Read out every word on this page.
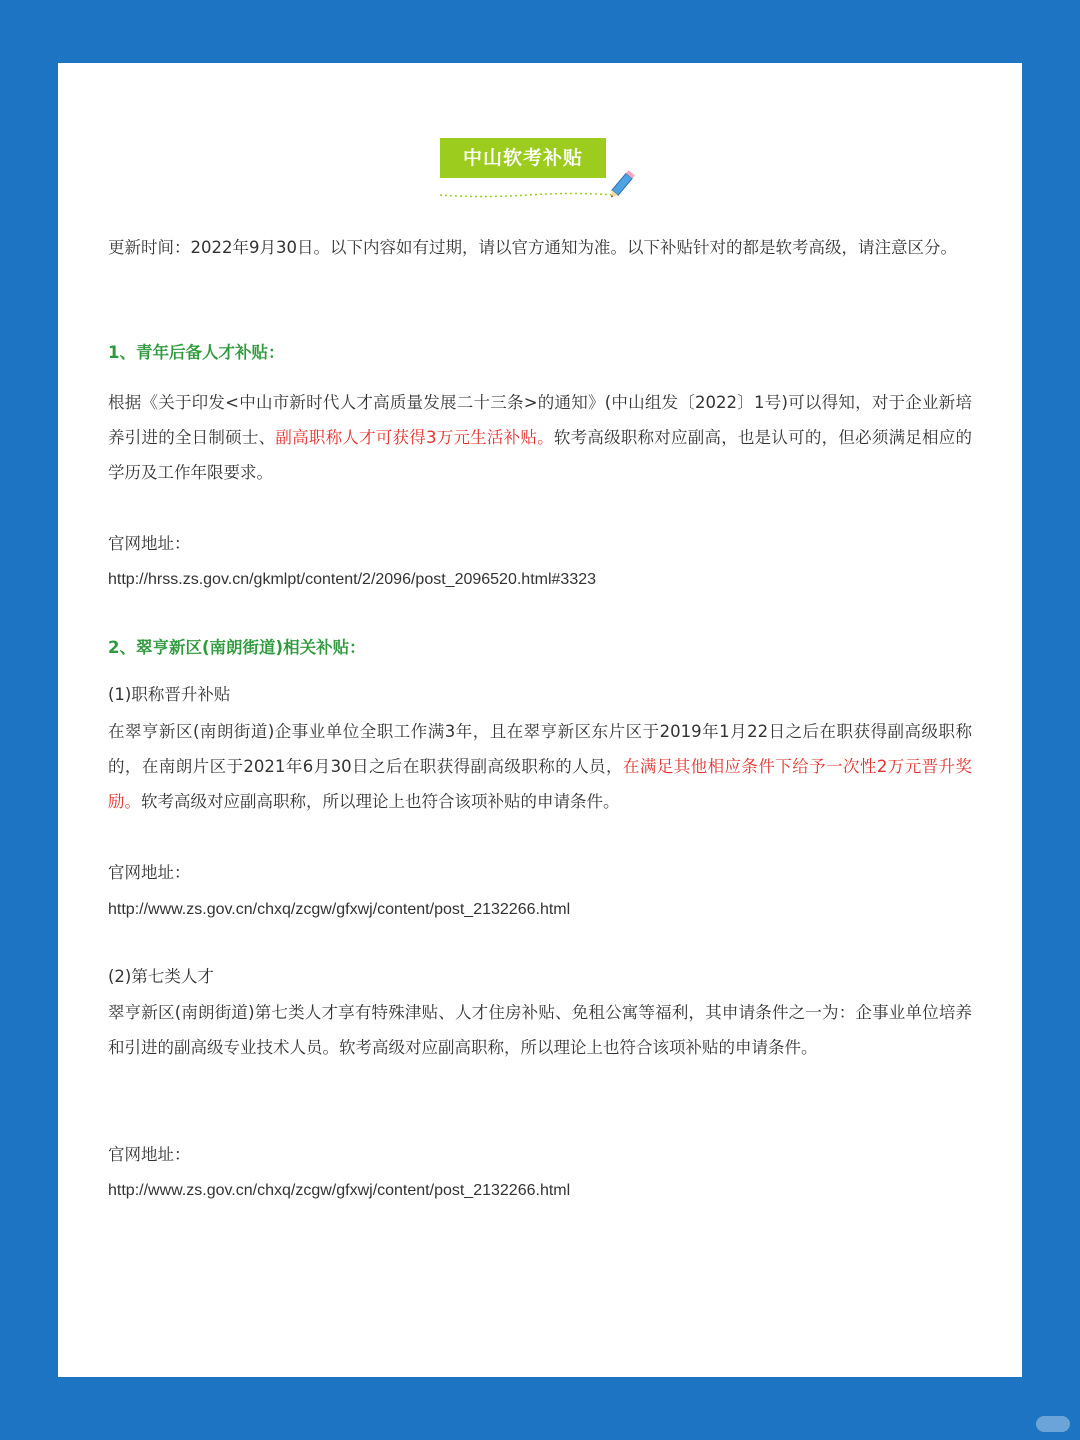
中山软考补贴

更新时间：2022年9月30日。以下内容如有过期，请以官方通知为准。以下补贴针对的都是软考高级，请注意区分。

1、青年后备人才补贴：

根据《关于印发<中山市新时代人才高质量发展二十三条>的通知》(中山组发〔2022〕1号)可以得知，对于企业新培养引进的全日制硕士、副高职称人才可获得3万元生活补贴。软考高级职称对应副高，也是认可的，但必须满足相应的学历及工作年限要求。

官网地址：

http://hrss.zs.gov.cn/gkmlpt/content/2/2096/post_2096520.html#3323

2、翠亨新区(南朗街道)相关补贴：

(1)职称晋升补贴

在翠亨新区(南朗街道)企事业单位全职工作满3年，且在翠亨新区东片区于2019年1月22日之后在职获得副高级职称的，在南朗片区于2021年6月30日之后在职获得副高级职称的人员，在满足其他相应条件下给予一次性2万元晋升奖励。软考高级对应副高职称，所以理论上也符合该项补贴的申请条件。

官网地址：

http://www.zs.gov.cn/chxq/zcgw/gfxwj/content/post_2132266.html

(2)第七类人才

翠亨新区(南朗街道)第七类人才享有特殊津贴、人才住房补贴、免租公寓等福利，其申请条件之一为：企事业单位培养和引进的副高级专业技术人员。软考高级对应副高职称，所以理论上也符合该项补贴的申请条件。

官网地址：

http://www.zs.gov.cn/chxq/zcgw/gfxwj/content/post_2132266.html
